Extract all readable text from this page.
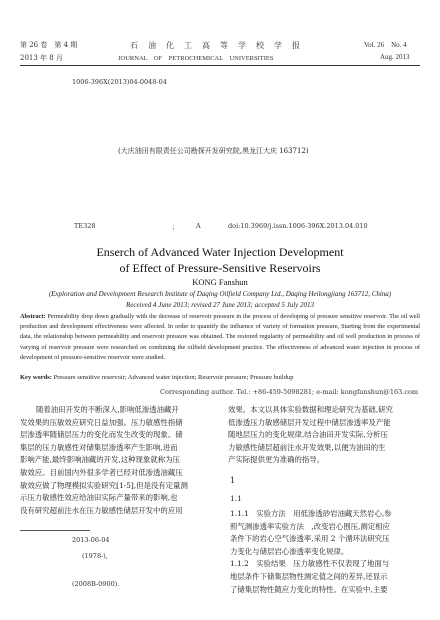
第 26 卷　第 4 期
2013 年 8 月
石　油　化　工　高　等　学　校　学　报
JOURNAL　OF　PETROCHEMICAL　UNIVERSITIES
Vol. 26　No. 4
Aug. 2013
1006-396X(2013)04-0048-04
(大庆油田有限责任公司勘探开发研究院,黑龙江大庆 163712)
TE328	；	A	doi:10.3969/j.issn.1006-396X.2013.04.010
Enserch of Advanced Water Injection Development
of Effect of Pressure-Sensitive Reservoirs
KONG Fanshun
(Exploration and Development Research Institute of Daqing Oilfield Company Ltd., Daqing Heilongjiang 163712, China)
Received 4 June 2013; revised 27 June 2013; accepted 5 July 2013
Abstract: Permeability drop down gradually with the decrease of reservoir pressure in the process of developing of pressure sensitive reservoir. The oil well production and development effectiveness were affected. In order to quantify the influence of variety of formation pressure, Starting from the experimental data, the relationship between permeability and reservoir pressure was obtained. The restored regularity of permeability and oil well production in process of varying of reservoir pressure were researched on combining the oilfield development practice. The effectiveness of advanced water injection in process of development of pressure-sensitive reservoir were studied.
Key words: Pressure sensitive reservoir; Advanced water injection; Reservoir pressure; Pressure buildup
Corresponding author. Tel.: +86-459-5098281; e-mail: kongfanshun@163.com

随着油田开发的不断深入,影响低渗透油藏开

发效果的压敏效应研究日益加强。压力敏感性指储

层渗透率随储层压力的变化而发生改变的现象。储

集层的压力敏感性对储集层渗透率产生影响,进而

影响产能,最终影响油藏的开发,这种现象就称为压

敏效应。目前国内外很多学者已经对低渗透油藏压

敏效应做了物理模拟实验研究[1-5],但是没有定量测

示压力敏感性效应给油田实际产量带来的影响,也

没有研究超前注水在压力敏感性储层开发中的应用

2013-06-04
(1978-),
(2008B-0900).

效果。本文以具体实验数据和理论研究为基础,研究

低渗透压力敏感储层开发过程中储层渗透率及产能

随地层压力的变化规律,结合油田开发实际,分析压

力敏感性储层超前注水开发效果,以便为油田的生

产实际提供更为准确的指导。

1
1.1

1.1.1　实验方法　用低渗透砂岩油藏天然岩心,参

照气测渗透率实验方法　,改变岩心围压,测定相应

条件下的岩心空气渗透率,采用 2 个循环法研究压

力变化与储层岩心渗透率变化规律。

1.1.2　实验结果　压力敏感性不仅表现了地面与

地层条件下储集层物性测定值之间的差异,还显示

了储集层物性随应力变化的特性。在实验中,主要
